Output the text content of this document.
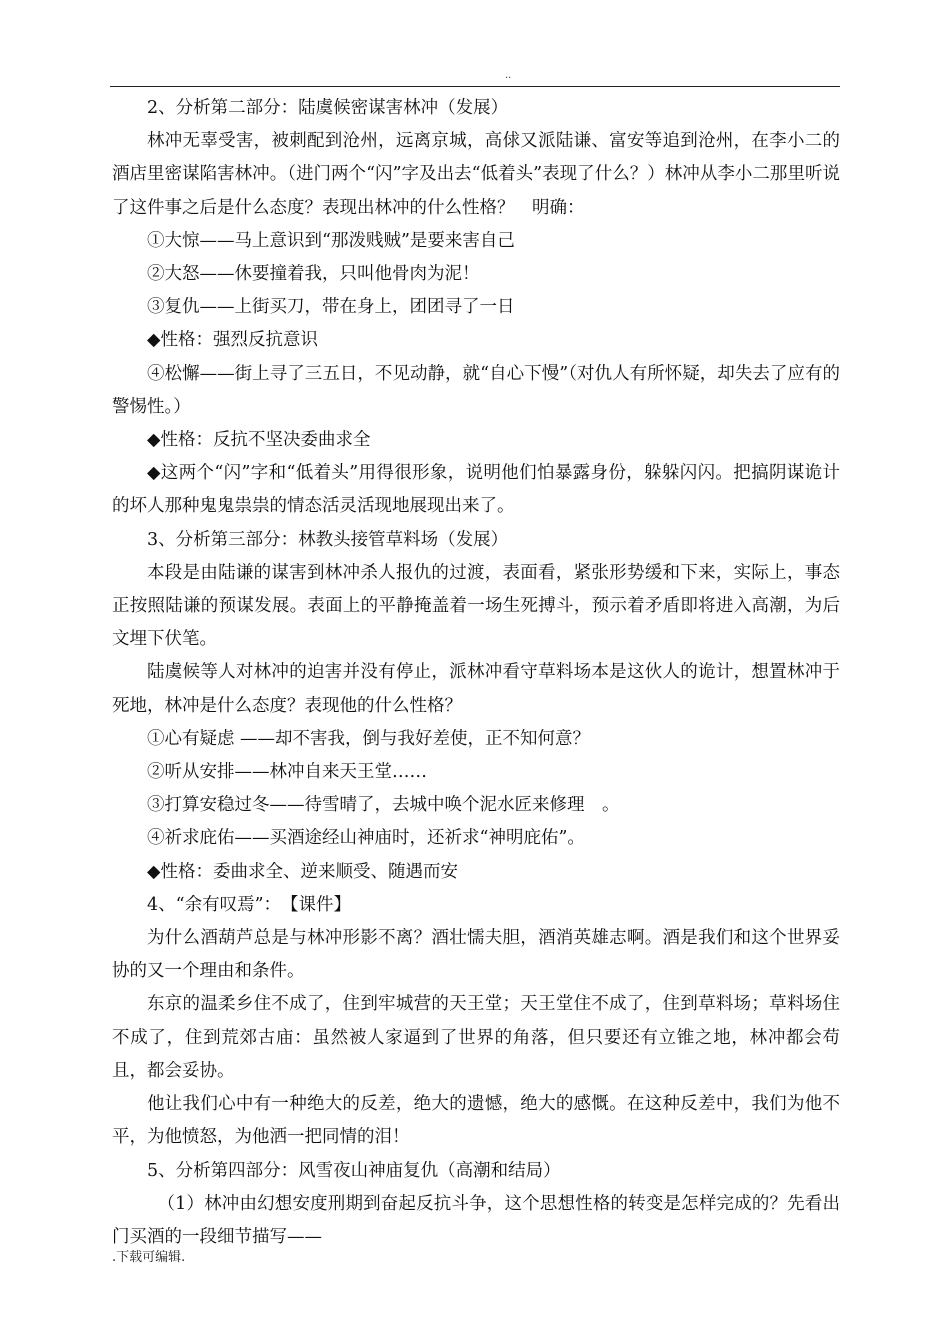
..

2、分析第二部分：陆虞候密谋害林冲（发展）

林冲无辜受害，被刺配到沧州，远离京城，高俅又派陆谦、富安等追到沧州，在李小二的酒店里密谋陷害林冲。（进门两个“闪”字及出去“低着头”表现了什么？）林冲从李小二那里听说了这件事之后是什么态度？表现出林冲的什么性格？　明确：

①大惊——马上意识到“那泼贱贼”是要来害自己

②大怒——休要撞着我，只叫他骨肉为泥！

③复仇——上街买刀，带在身上，团团寻了一日

◆性格：强烈反抗意识

④松懈——街上寻了三五日，不见动静，就“自心下慢”（对仇人有所怀疑，却失去了应有的警惕性。）

◆性格：反抗不坚决委曲求全

◆这两个“闪”字和“低着头”用得很形象，说明他们怕暴露身份，躲躲闪闪。把搞阴谋诡计的坏人那种鬼鬼祟祟的情态活灵活现地展现出来了。

3、分析第三部分：林教头接管草料场（发展）

本段是由陆谦的谋害到林冲杀人报仇的过渡，表面看，紧张形势缓和下来，实际上，事态正按照陆谦的预谋发展。表面上的平静掩盖着一场生死搏斗，预示着矛盾即将进入高潮，为后文埋下伏笔。

陆虞候等人对林冲的迫害并没有停止，派林冲看守草料场本是这伙人的诡计，想置林冲于死地，林冲是什么态度？表现他的什么性格？

①心有疑虑 ——却不害我，倒与我好差使，正不知何意？

②听从安排——林冲自来天王堂……

③打算安稳过冬——待雪晴了，去城中唤个泥水匠来修理　。

④祈求庇佑——买酒途经山神庙时，还祈求“神明庇佑”。

◆性格：委曲求全、逆来顺受、随遇而安

4、“余有叹焉”：　【课件】

为什么酒葫芦总是与林冲形影不离？酒壮懦夫胆，酒消英雄志啊。酒是我们和这个世界妥协的又一个理由和条件。

东京的温柔乡住不成了，住到牢城营的天王堂；天王堂住不成了，住到草料场；草料场住不成了，住到荒郊古庙：虽然被人家逼到了世界的角落，但只要还有立锥之地，林冲都会苟且，都会妥协。

他让我们心中有一种绝大的反差，绝大的遗憾，绝大的感慨。在这种反差中，我们为他不平，为他愤怒，为他洒一把同情的泪！

5、分析第四部分：风雪夜山神庙复仇（高潮和结局）

（1）林冲由幻想安度刑期到奋起反抗斗争，这个思想性格的转变是怎样完成的？先看出门买酒的一段细节描写——

.下载可编辑.
